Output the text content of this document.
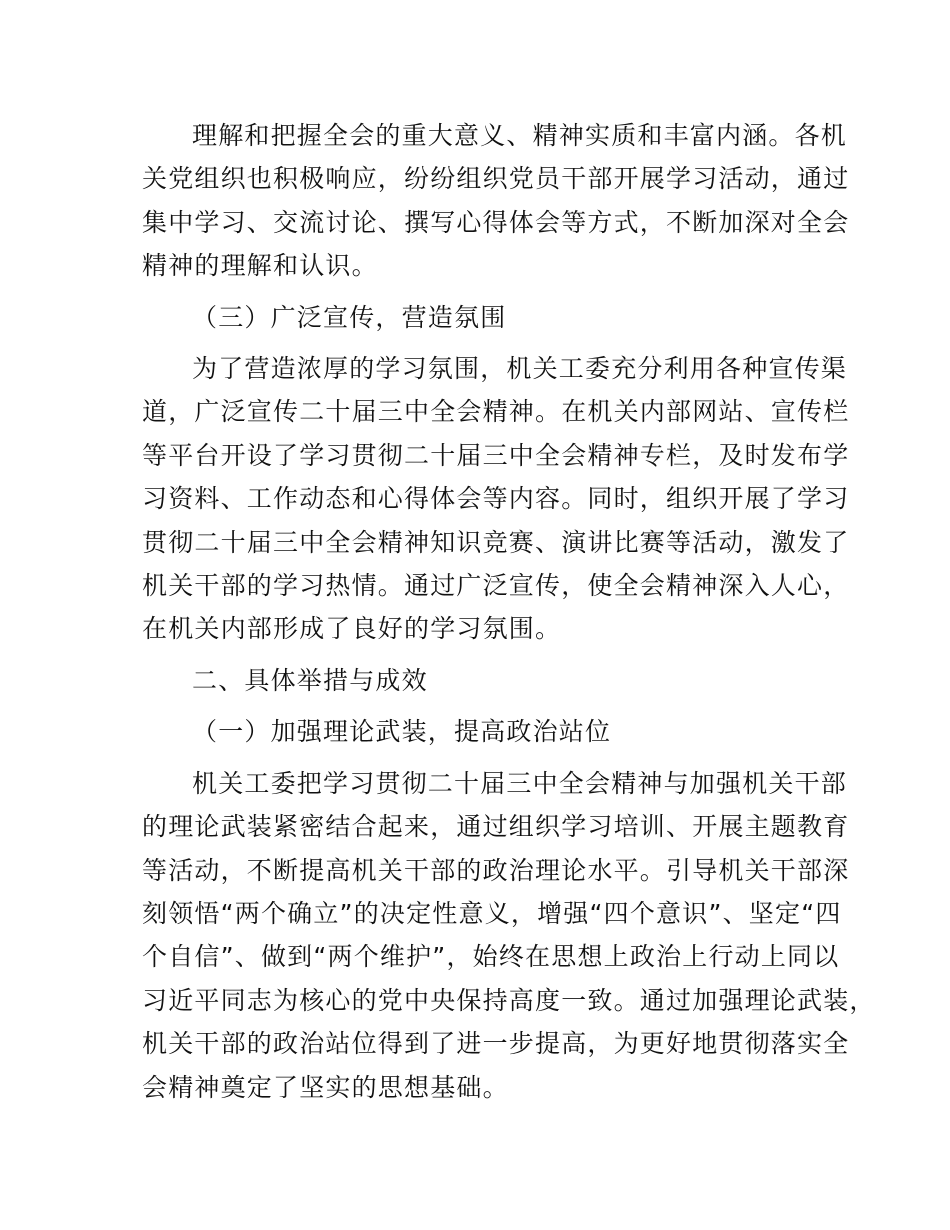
理解和把握全会的重大意义、精神实质和丰富内涵。各机
关党组织也积极响应，纷纷组织党员干部开展学习活动，通过
集中学习、交流讨论、撰写心得体会等方式，不断加深对全会
精神的理解和认识。
（三）广泛宣传，营造氛围
为了营造浓厚的学习氛围，机关工委充分利用各种宣传渠
道，广泛宣传二十届三中全会精神。在机关内部网站、宣传栏
等平台开设了学习贯彻二十届三中全会精神专栏，及时发布学
习资料、工作动态和心得体会等内容。同时，组织开展了学习
贯彻二十届三中全会精神知识竞赛、演讲比赛等活动，激发了
机关干部的学习热情。通过广泛宣传，使全会精神深入人心，
在机关内部形成了良好的学习氛围。
二、具体举措与成效
（一）加强理论武装，提高政治站位
机关工委把学习贯彻二十届三中全会精神与加强机关干部
的理论武装紧密结合起来，通过组织学习培训、开展主题教育
等活动，不断提高机关干部的政治理论水平。引导机关干部深
刻领悟“两个确立”的决定性意义，增强“四个意识”、坚定“四
个自信”、做到“两个维护”，始终在思想上政治上行动上同以
习近平同志为核心的党中央保持高度一致。通过加强理论武装，
机关干部的政治站位得到了进一步提高，为更好地贯彻落实全
会精神奠定了坚实的思想基础。
